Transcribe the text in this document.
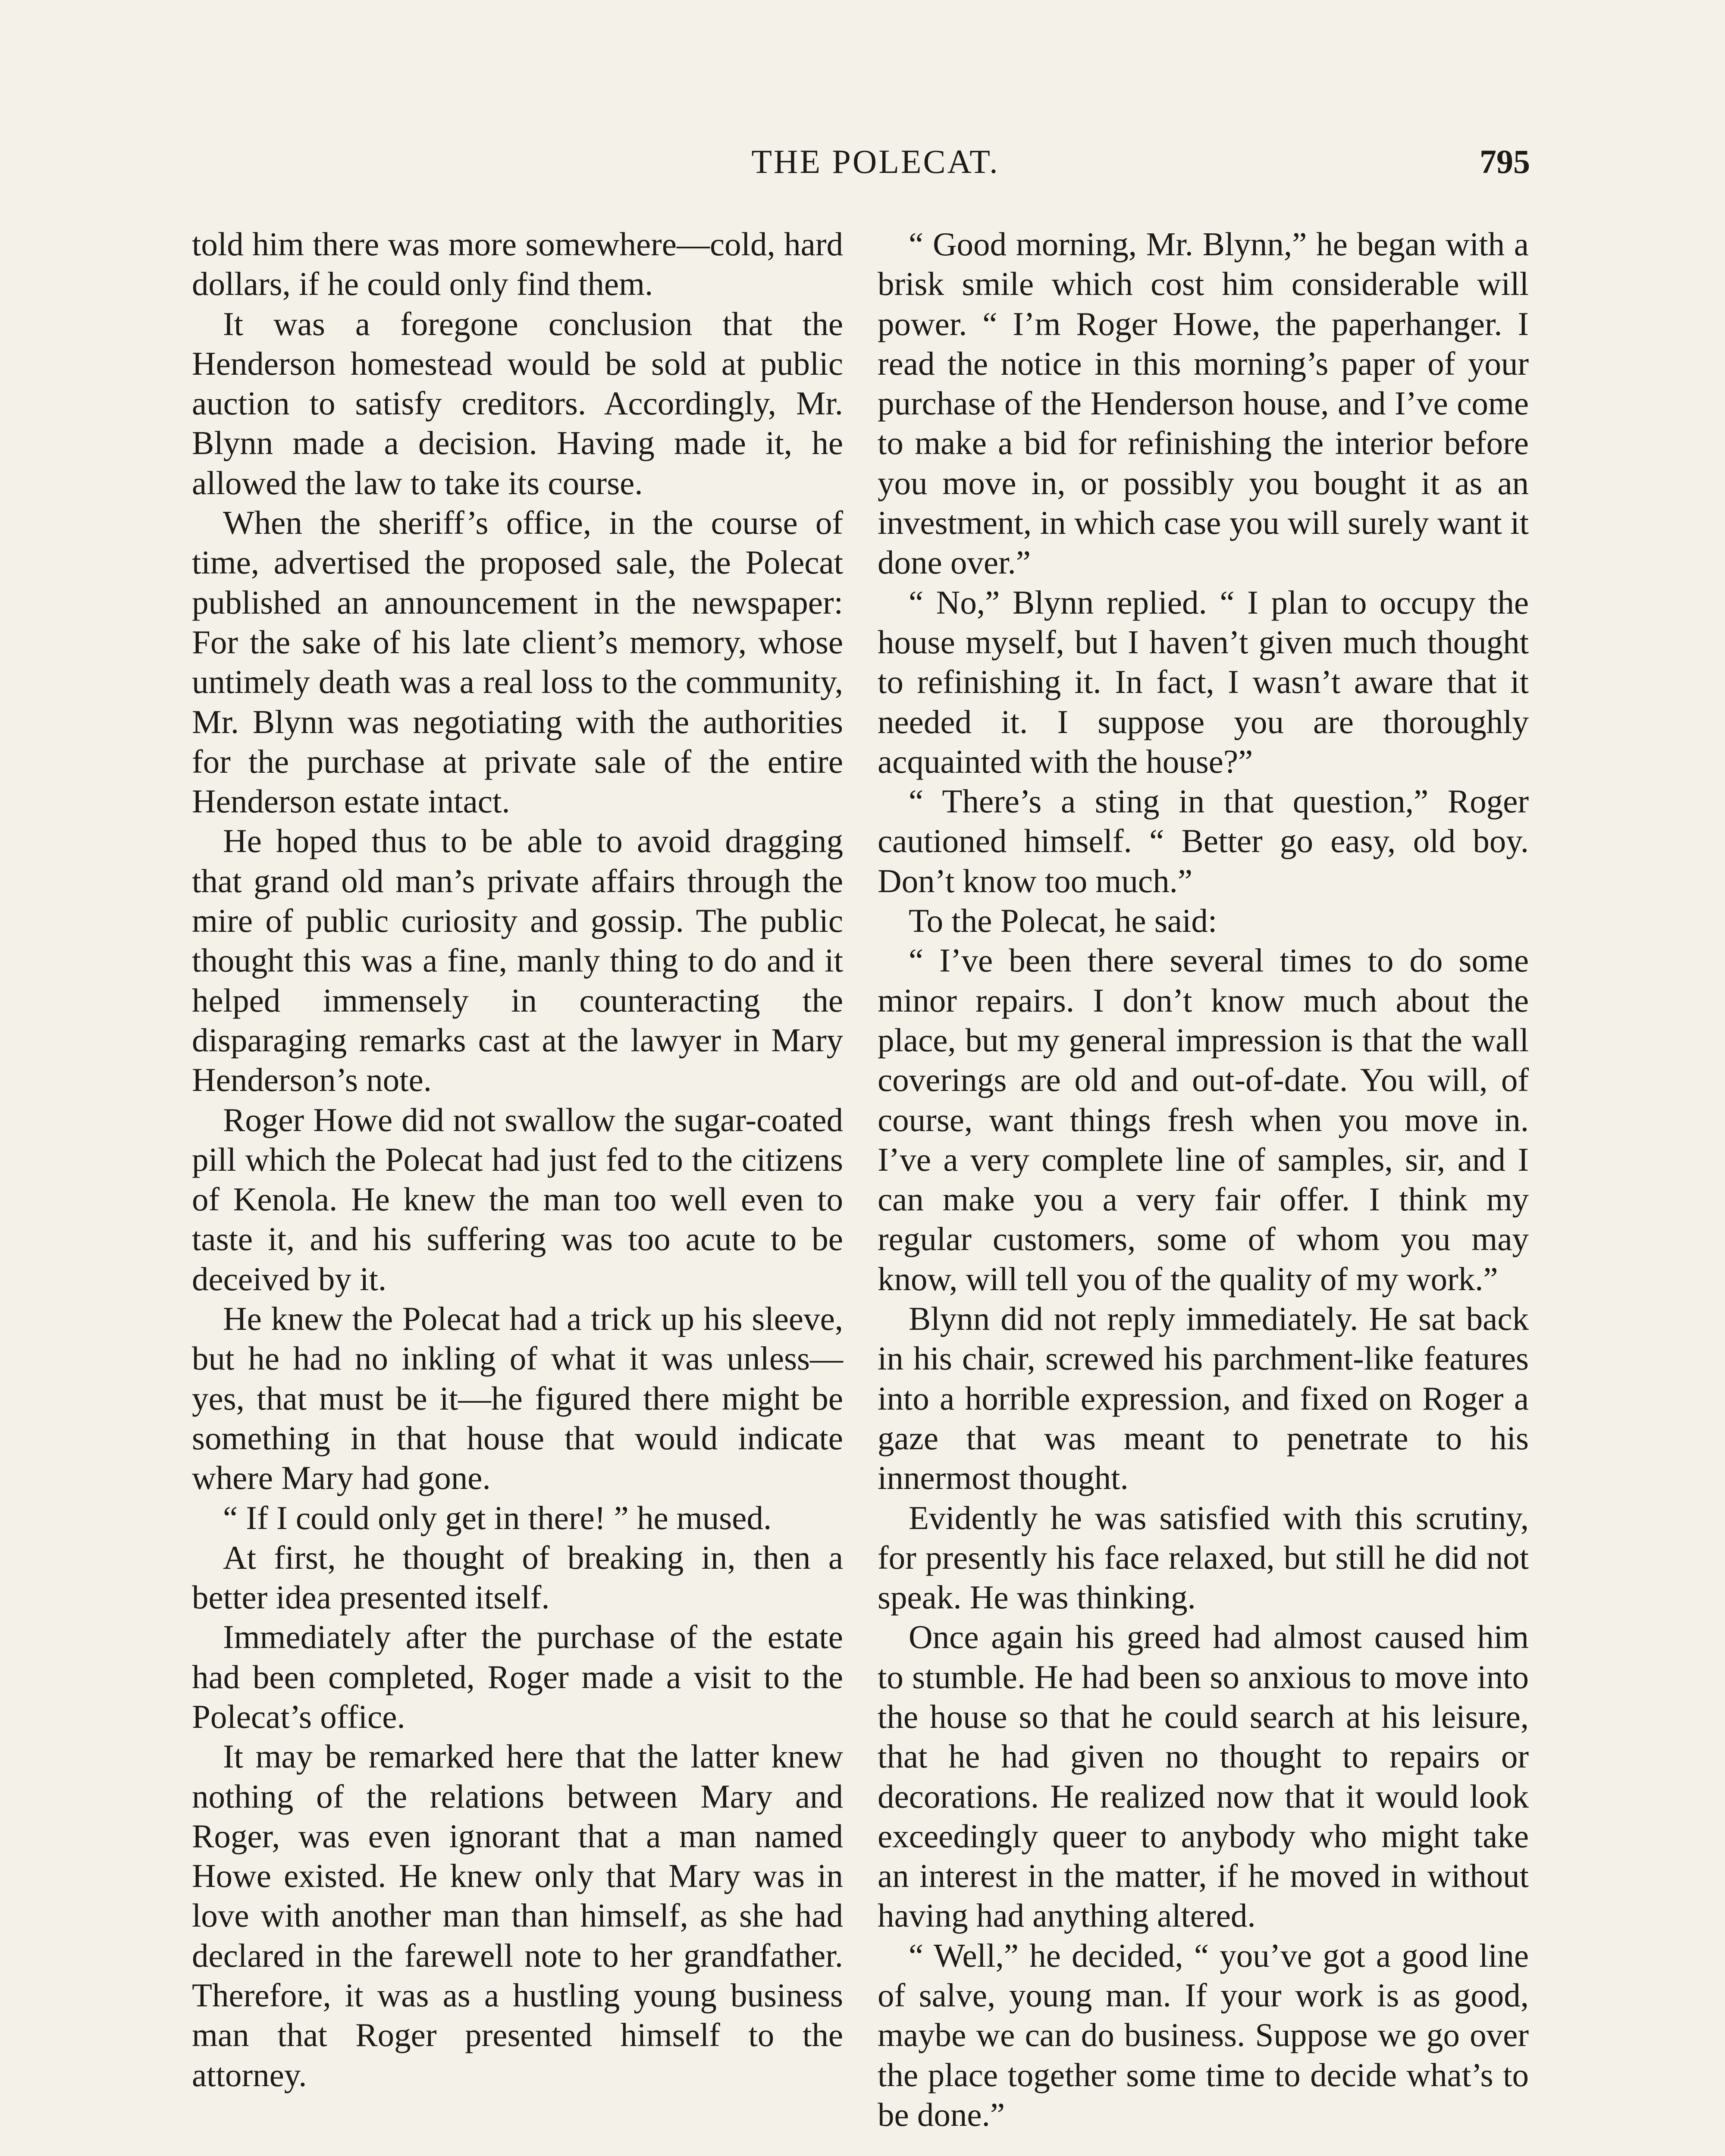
THE POLECAT.	795

told him there was more somewhere—cold, hard dollars, if he could only find them.

It was a foregone conclusion that the Henderson homestead would be sold at public auction to satisfy creditors. Accordingly, Mr. Blynn made a decision. Having made it, he allowed the law to take its course.

When the sheriff’s office, in the course of time, advertised the proposed sale, the Polecat published an announcement in the newspaper: For the sake of his late client’s memory, whose untimely death was a real loss to the community, Mr. Blynn was negotiating with the authorities for the purchase at private sale of the entire Henderson estate intact.

He hoped thus to be able to avoid dragging that grand old man’s private affairs through the mire of public curiosity and gossip. The public thought this was a fine, manly thing to do and it helped immensely in counteracting the disparaging remarks cast at the lawyer in Mary Henderson’s note.

Roger Howe did not swallow the sugar-coated pill which the Polecat had just fed to the citizens of Kenola. He knew the man too well even to taste it, and his suffering was too acute to be deceived by it.

He knew the Polecat had a trick up his sleeve, but he had no inkling of what it was unless—yes, that must be it—he figured there might be something in that house that would indicate where Mary had gone.

“ If I could only get in there! ” he mused.

At first, he thought of breaking in, then a better idea presented itself.

Immediately after the purchase of the estate had been completed, Roger made a visit to the Polecat’s office.

It may be remarked here that the latter knew nothing of the relations between Mary and Roger, was even ignorant that a man named Howe existed. He knew only that Mary was in love with another man than himself, as she had declared in the farewell note to her grandfather. Therefore, it was as a hustling young business man that Roger presented himself to the attorney.

“ Good morning, Mr. Blynn,” he began with a brisk smile which cost him considerable will power. “ I’m Roger Howe, the paperhanger. I read the notice in this morning’s paper of your purchase of the Henderson house, and I’ve come to make a bid for refinishing the interior before you move in, or possibly you bought it as an investment, in which case you will surely want it done over.”

“ No,” Blynn replied. “ I plan to occupy the house myself, but I haven’t given much thought to refinishing it. In fact, I wasn’t aware that it needed it. I suppose you are thoroughly acquainted with the house?”

“ There’s a sting in that question,” Roger cautioned himself. “ Better go easy, old boy. Don’t know too much.”

To the Polecat, he said:

“ I’ve been there several times to do some minor repairs. I don’t know much about the place, but my general impression is that the wall coverings are old and out-of-date. You will, of course, want things fresh when you move in. I’ve a very complete line of samples, sir, and I can make you a very fair offer. I think my regular customers, some of whom you may know, will tell you of the quality of my work.”

Blynn did not reply immediately. He sat back in his chair, screwed his parchment-like features into a horrible expression, and fixed on Roger a gaze that was meant to penetrate to his innermost thought.

Evidently he was satisfied with this scrutiny, for presently his face relaxed, but still he did not speak. He was thinking.

Once again his greed had almost caused him to stumble. He had been so anxious to move into the house so that he could search at his leisure, that he had given no thought to repairs or decorations. He realized now that it would look exceedingly queer to anybody who might take an interest in the matter, if he moved in without having had anything altered.

“ Well,” he decided, “ you’ve got a good line of salve, young man. If your work is as good, maybe we can do business. Suppose we go over the place together some time to decide what’s to be done.”
